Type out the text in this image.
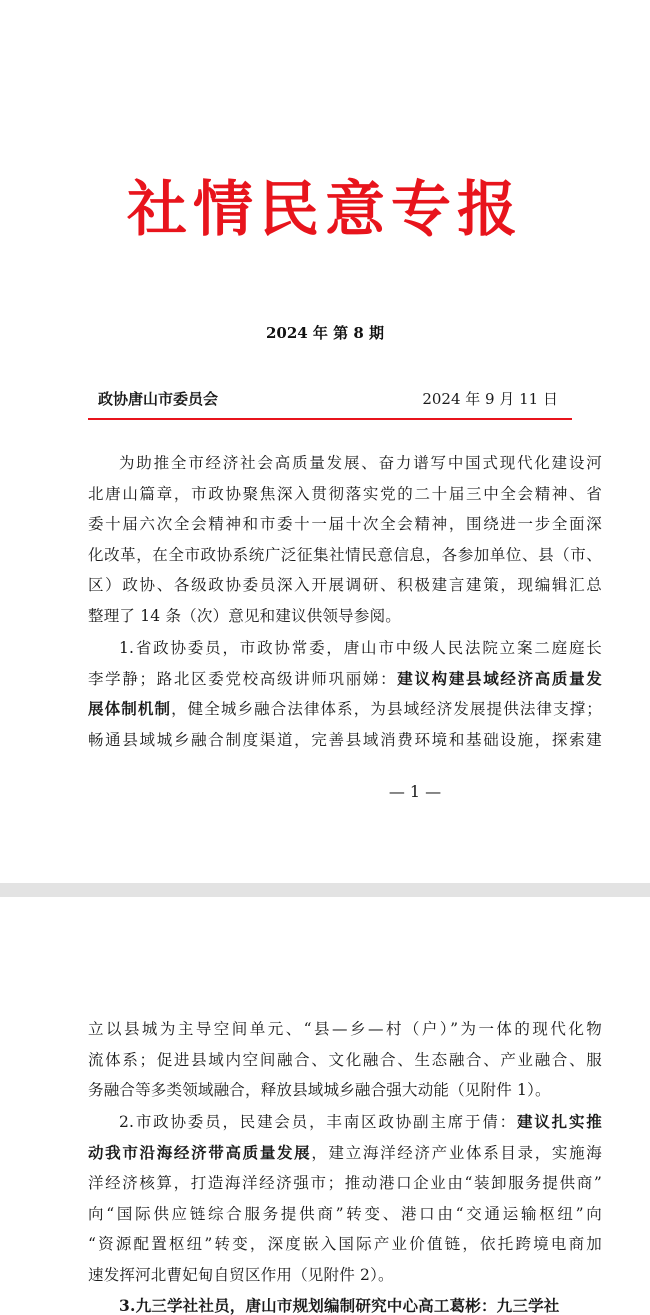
社情民意专报
2024 年 第 8 期
政协唐山市委员会	2024 年 9 月 11 日
为助推全市经济社会高质量发展、奋力谱写中国式现代化建设河
北唐山篇章，市政协聚焦深入贯彻落实党的二十届三中全会精神、省
委十届六次全会精神和市委十一届十次全会精神，围绕进一步全面深
化改革，在全市政协系统广泛征集社情民意信息，各参加单位、县（市、
区）政协、各级政协委员深入开展调研、积极建言建策，现编辑汇总
整理了 14 条（次）意见和建议供领导参阅。
1.省政协委员，市政协常委，唐山市中级人民法院立案二庭庭长
李学静；路北区委党校高级讲师巩丽娣：建议构建县域经济高质量发
展体制机制，健全城乡融合法律体系，为县域经济发展提供法律支撑；
畅通县域城乡融合制度渠道，完善县域消费环境和基础设施，探索建
— 1 —
立以县城为主导空间单元、“县—乡—村（户）”为一体的现代化物
流体系；促进县域内空间融合、文化融合、生态融合、产业融合、服
务融合等多类领域融合，释放县域城乡融合强大动能（见附件 1）。
2.市政协委员，民建会员，丰南区政协副主席于倩：建议扎实推
动我市沿海经济带高质量发展，建立海洋经济产业体系目录，实施海
洋经济核算，打造海洋经济强市；推动港口企业由“装卸服务提供商”
向“国际供应链综合服务提供商”转变、港口由“交通运输枢纽”向
“资源配置枢纽”转变，深度嵌入国际产业价值链，依托跨境电商加
速发挥河北曹妃甸自贸区作用（见附件 2）。
3.九三学社社员，唐山市规划编制研究中心高工葛彬：九三学社
